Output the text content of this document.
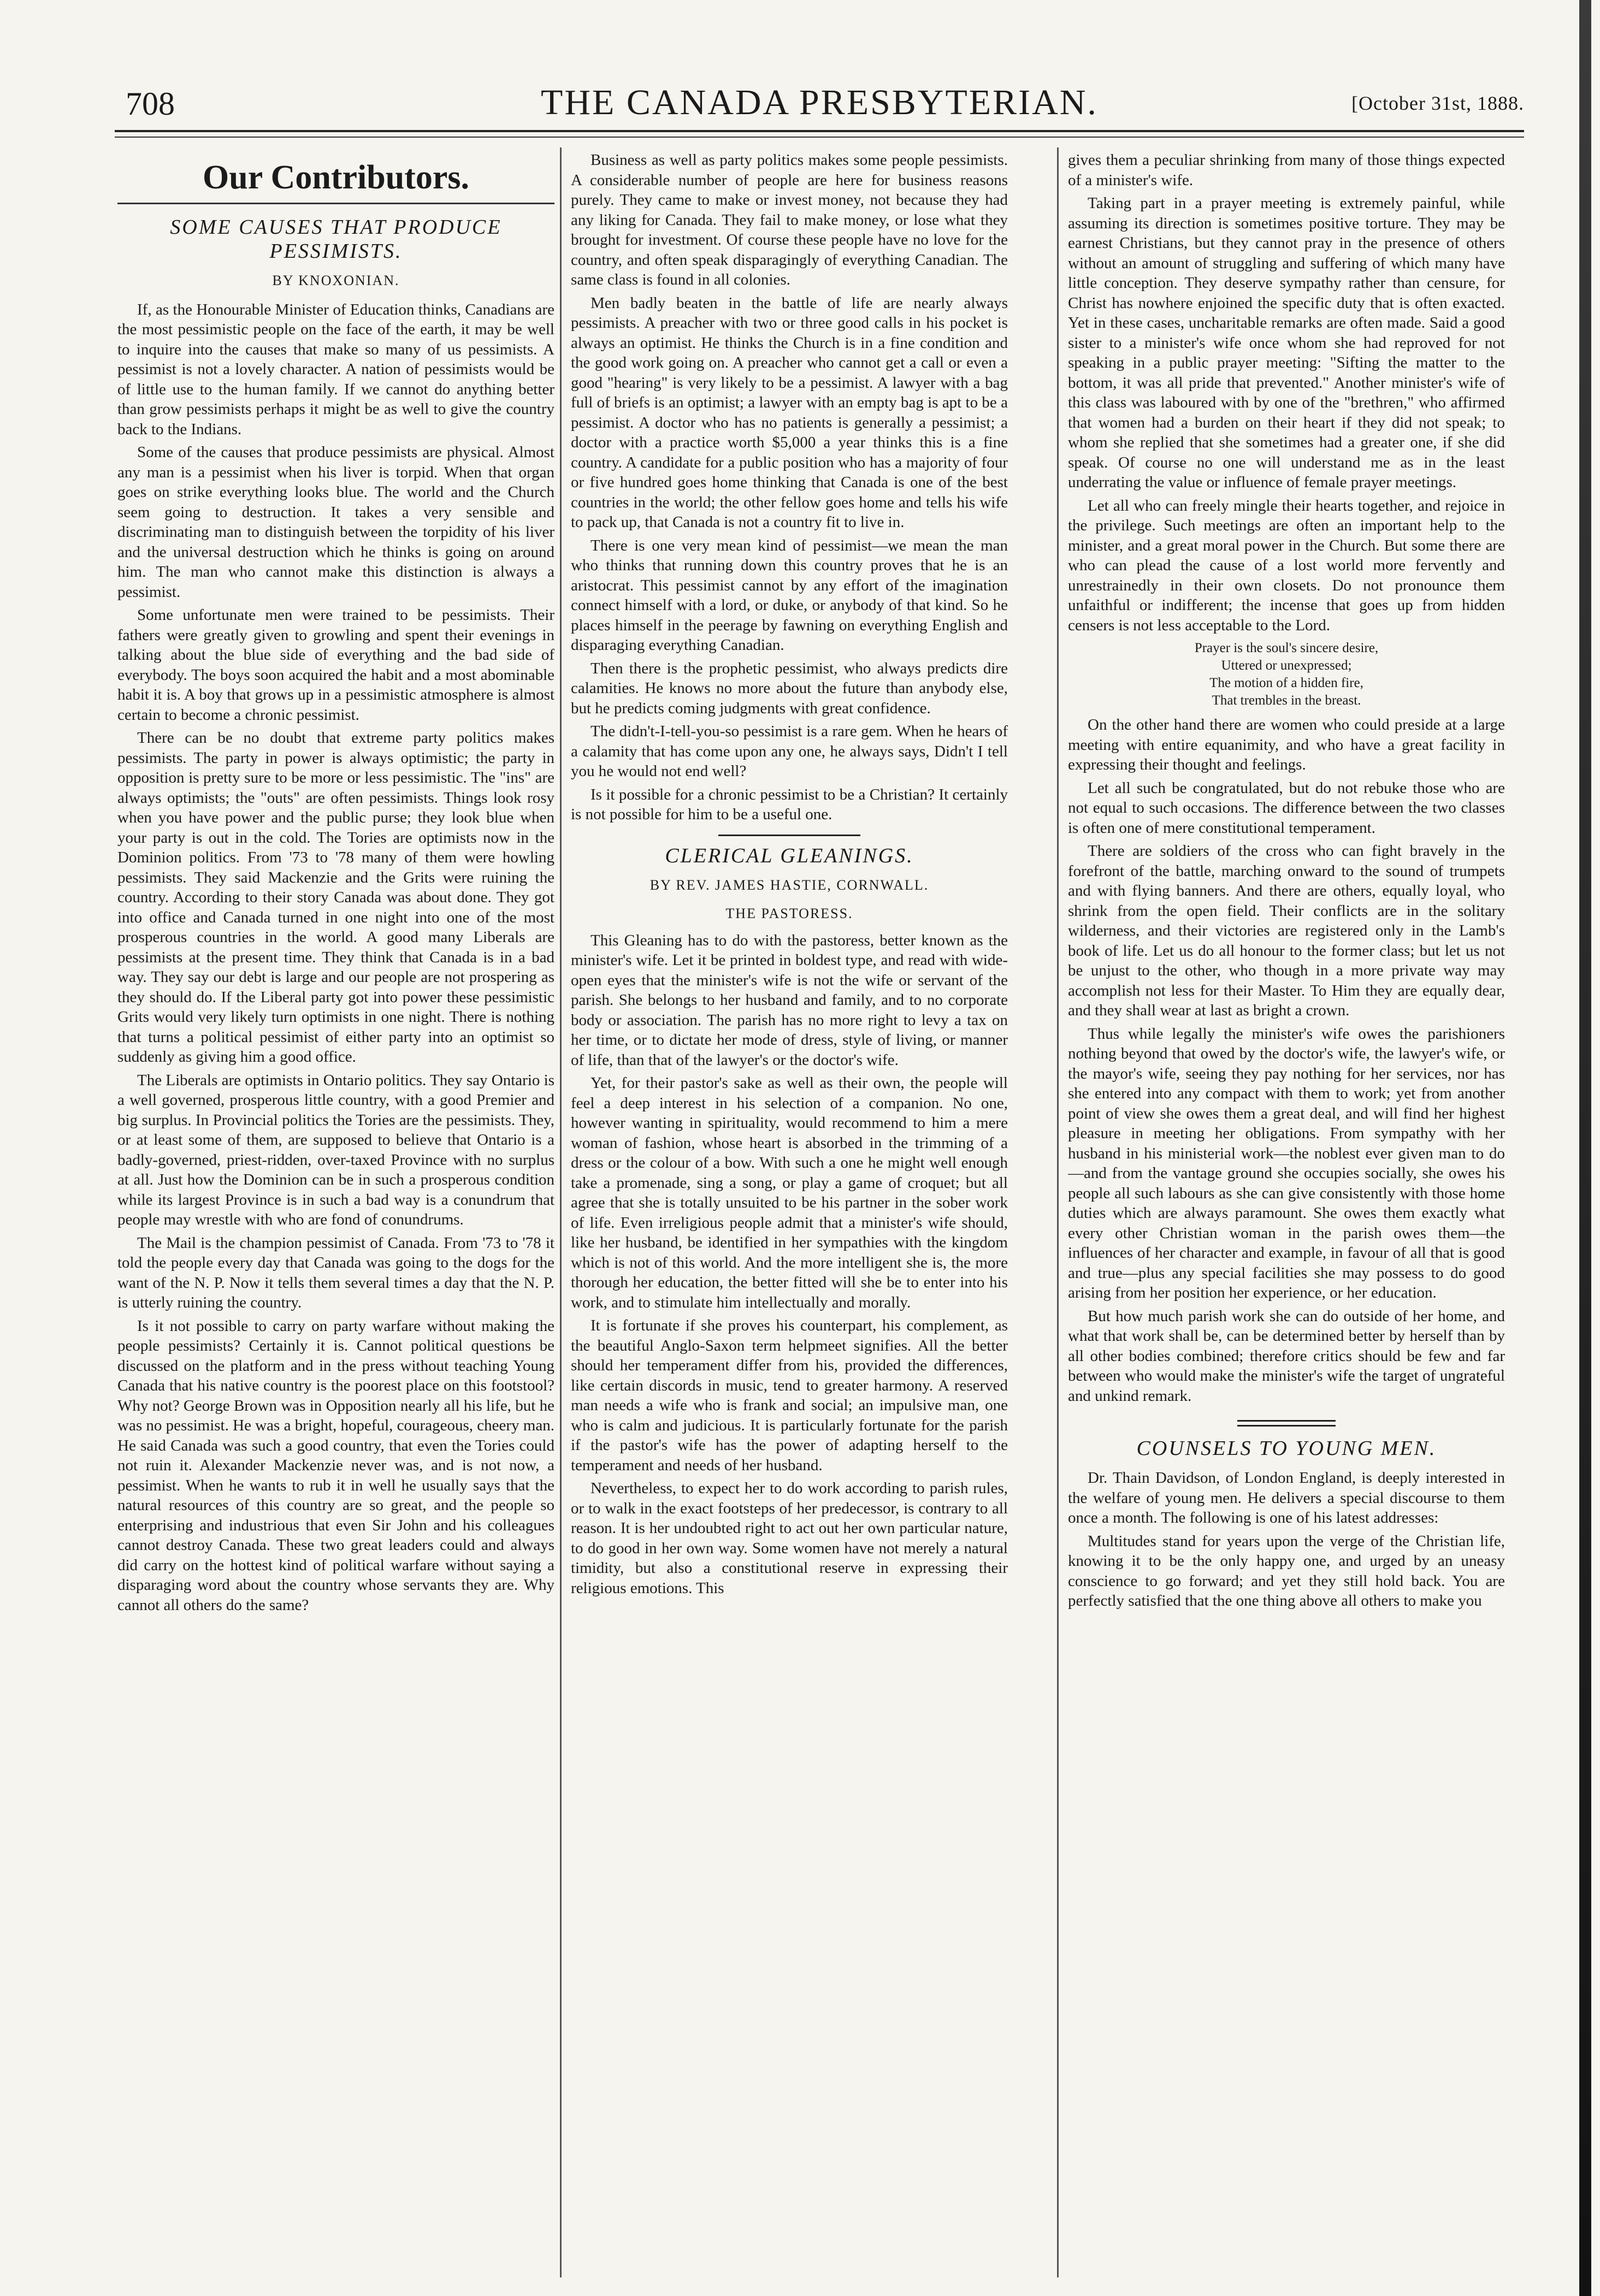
708	THE CANADA PRESBYTERIAN.	[October 31st, 1888.
Our Contributors.
SOME CAUSES THAT PRODUCE PESSIMISTS.
BY KNOXONIAN.

If, as the Honourable Minister of Education thinks, Canadians are the most pessimistic people on the face of the earth, it may be well to inquire into the causes that make so many of us pessimists. A pessimist is not a lovely character. A nation of pessimists would be of little use to the human family. If we cannot do anything better than grow pessimists perhaps it might be as well to give the country back to the Indians.

Some of the causes that produce pessimists are physical. Almost any man is a pessimist when his liver is torpid. When that organ goes on strike everything looks blue. The world and the Church seem going to destruction. It takes a very sensible and discriminating man to distinguish between the torpidity of his liver and the universal destruction which he thinks is going on around him. The man who cannot make this distinction is always a pessimist.

Some unfortunate men were trained to be pessimists. Their fathers were greatly given to growling and spent their evenings in talking about the blue side of everything and the bad side of everybody. The boys soon acquired the habit and a most abominable habit it is. A boy that grows up in a pessimistic atmosphere is almost certain to become a chronic pessimist.

There can be no doubt that extreme party politics makes pessimists. The party in power is always optimistic; the party in opposition is pretty sure to be more or less pessimistic. The "ins" are always optimists; the "outs" are often pessimists. Things look rosy when you have power and the public purse; they look blue when your party is out in the cold. The Tories are optimists now in the Dominion politics. From '73 to '78 many of them were howling pessimists. They said Mackenzie and the Grits were ruining the country. According to their story Canada was about done. They got into office and Canada turned in one night into one of the most prosperous countries in the world. A good many Liberals are pessimists at the present time. They think that Canada is in a bad way. They say our debt is large and our people are not prospering as they should do. If the Liberal party got into power these pessimistic Grits would very likely turn optimists in one night. There is nothing that turns a political pessimist of either party into an optimist so suddenly as giving him a good office.

The Liberals are optimists in Ontario politics. They say Ontario is a well governed, prosperous little country, with a good Premier and big surplus. In Provincial politics the Tories are the pessimists. They, or at least some of them, are supposed to believe that Ontario is a badly-governed, priest-ridden, over-taxed Province with no surplus at all. Just how the Dominion can be in such a prosperous condition while its largest Province is in such a bad way is a conundrum that people may wrestle with who are fond of conundrums.

The Mail is the champion pessimist of Canada. From '73 to '78 it told the people every day that Canada was going to the dogs for the want of the N. P. Now it tells them several times a day that the N. P. is utterly ruining the country.

Is it not possible to carry on party warfare without making the people pessimists? Certainly it is. Cannot political questions be discussed on the platform and in the press without teaching Young Canada that his native country is the poorest place on this footstool? Why not? George Brown was in Opposition nearly all his life, but he was no pessimist. He was a bright, hopeful, courageous, cheery man. He said Canada was such a good country, that even the Tories could not ruin it. Alexander Mackenzie never was, and is not now, a pessimist. When he wants to rub it in well he usually says that the natural resources of this country are so great, and the people so enterprising and industrious that even Sir John and his colleagues cannot destroy Canada. These two great leaders could and always did carry on the hottest kind of political warfare without saying a disparaging word about the country whose servants they are. Why cannot all others do the same?

Business as well as party politics makes some people pessimists. A considerable number of people are here for business reasons purely. They came to make or invest money, not because they had any liking for Canada. They fail to make money, or lose what they brought for investment. Of course these people have no love for the country, and often speak disparagingly of everything Canadian. The same class is found in all colonies.

Men badly beaten in the battle of life are nearly always pessimists. A preacher with two or three good calls in his pocket is always an optimist. He thinks the Church is in a fine condition and the good work going on. A preacher who cannot get a call or even a good "hearing" is very likely to be a pessimist. A lawyer with a bag full of briefs is an optimist; a lawyer with an empty bag is apt to be a pessimist. A doctor who has no patients is generally a pessimist; a doctor with a practice worth $5,000 a year thinks this is a fine country. A candidate for a public position who has a majority of four or five hundred goes home thinking that Canada is one of the best countries in the world; the other fellow goes home and tells his wife to pack up, that Canada is not a country fit to live in.

There is one very mean kind of pessimist—we mean the man who thinks that running down this country proves that he is an aristocrat. This pessimist cannot by any effort of the imagination connect himself with a lord, or duke, or anybody of that kind. So he places himself in the peerage by fawning on everything English and disparaging everything Canadian.

Then there is the prophetic pessimist, who always predicts dire calamities. He knows no more about the future than anybody else, but he predicts coming judgments with great confidence.

The didn't-I-tell-you-so pessimist is a rare gem. When he hears of a calamity that has come upon any one, he always says, Didn't I tell you he would not end well?

Is it possible for a chronic pessimist to be a Christian? It certainly is not possible for him to be a useful one.

CLERICAL GLEANINGS.
BY REV. JAMES HASTIE, CORNWALL.
THE PASTORESS.

This Gleaning has to do with the pastoress, better known as the minister's wife. Let it be printed in boldest type, and read with wide-open eyes that the minister's wife is not the wife or servant of the parish. She belongs to her husband and family, and to no corporate body or association. The parish has no more right to levy a tax on her time, or to dictate her mode of dress, style of living, or manner of life, than that of the lawyer's or the doctor's wife.

Yet, for their pastor's sake as well as their own, the people will feel a deep interest in his selection of a companion. No one, however wanting in spirituality, would recommend to him a mere woman of fashion, whose heart is absorbed in the trimming of a dress or the colour of a bow. With such a one he might well enough take a promenade, sing a song, or play a game of croquet; but all agree that she is totally unsuited to be his partner in the sober work of life. Even irreligious people admit that a minister's wife should, like her husband, be identified in her sympathies with the kingdom which is not of this world. And the more intelligent she is, the more thorough her education, the better fitted will she be to enter into his work, and to stimulate him intellectually and morally.

It is fortunate if she proves his counterpart, his complement, as the beautiful Anglo-Saxon term helpmeet signifies. All the better should her temperament differ from his, provided the differences, like certain discords in music, tend to greater harmony. A reserved man needs a wife who is frank and social; an impulsive man, one who is calm and judicious. It is particularly fortunate for the parish if the pastor's wife has the power of adapting herself to the temperament and needs of her husband.

Nevertheless, to expect her to do work according to parish rules, or to walk in the exact footsteps of her predecessor, is contrary to all reason. It is her undoubted right to act out her own particular nature, to do good in her own way. Some women have not merely a natural timidity, but also a constitutional reserve in expressing their religious emotions. This

gives them a peculiar shrinking from many of those things expected of a minister's wife.

Taking part in a prayer meeting is extremely painful, while assuming its direction is sometimes positive torture. They may be earnest Christians, but they cannot pray in the presence of others without an amount of struggling and suffering of which many have little conception. They deserve sympathy rather than censure, for Christ has nowhere enjoined the specific duty that is often exacted. Yet in these cases, uncharitable remarks are often made. Said a good sister to a minister's wife once whom she had reproved for not speaking in a public prayer meeting: "Sifting the matter to the bottom, it was all pride that prevented." Another minister's wife of this class was laboured with by one of the "brethren," who affirmed that women had a burden on their heart if they did not speak; to whom she replied that she sometimes had a greater one, if she did speak. Of course no one will understand me as in the least underrating the value or influence of female prayer meetings.

Let all who can freely mingle their hearts together, and rejoice in the privilege. Such meetings are often an important help to the minister, and a great moral power in the Church. But some there are who can plead the cause of a lost world more fervently and unrestrainedly in their own closets. Do not pronounce them unfaithful or indifferent; the incense that goes up from hidden censers is not less acceptable to the Lord.

Prayer is the soul's sincere desire,
Uttered or unexpressed;
The motion of a hidden fire,
That trembles in the breast.

On the other hand there are women who could preside at a large meeting with entire equanimity, and who have a great facility in expressing their thought and feelings.

Let all such be congratulated, but do not rebuke those who are not equal to such occasions. The difference between the two classes is often one of mere constitutional temperament.

There are soldiers of the cross who can fight bravely in the forefront of the battle, marching onward to the sound of trumpets and with flying banners. And there are others, equally loyal, who shrink from the open field. Their conflicts are in the solitary wilderness, and their victories are registered only in the Lamb's book of life. Let us do all honour to the former class; but let us not be unjust to the other, who though in a more private way may accomplish not less for their Master. To Him they are equally dear, and they shall wear at last as bright a crown.

Thus while legally the minister's wife owes the parishioners nothing beyond that owed by the doctor's wife, the lawyer's wife, or the mayor's wife, seeing they pay nothing for her services, nor has she entered into any compact with them to work; yet from another point of view she owes them a great deal, and will find her highest pleasure in meeting her obligations. From sympathy with her husband in his ministerial work—the noblest ever given man to do—and from the vantage ground she occupies socially, she owes his people all such labours as she can give consistently with those home duties which are always paramount. She owes them exactly what every other Christian woman in the parish owes them—the influences of her character and example, in favour of all that is good and true—plus any special facilities she may possess to do good arising from her position her experience, or her education.

But how much parish work she can do outside of her home, and what that work shall be, can be determined better by herself than by all other bodies combined; therefore critics should be few and far between who would make the minister's wife the target of ungrateful and unkind remark.

COUNSELS TO YOUNG MEN.

Dr. Thain Davidson, of London England, is deeply interested in the welfare of young men. He delivers a special discourse to them once a month. The following is one of his latest addresses:

Multitudes stand for years upon the verge of the Christian life, knowing it to be the only happy one, and urged by an uneasy conscience to go forward; and yet they still hold back. You are perfectly satisfied that the one thing above all others to make you
